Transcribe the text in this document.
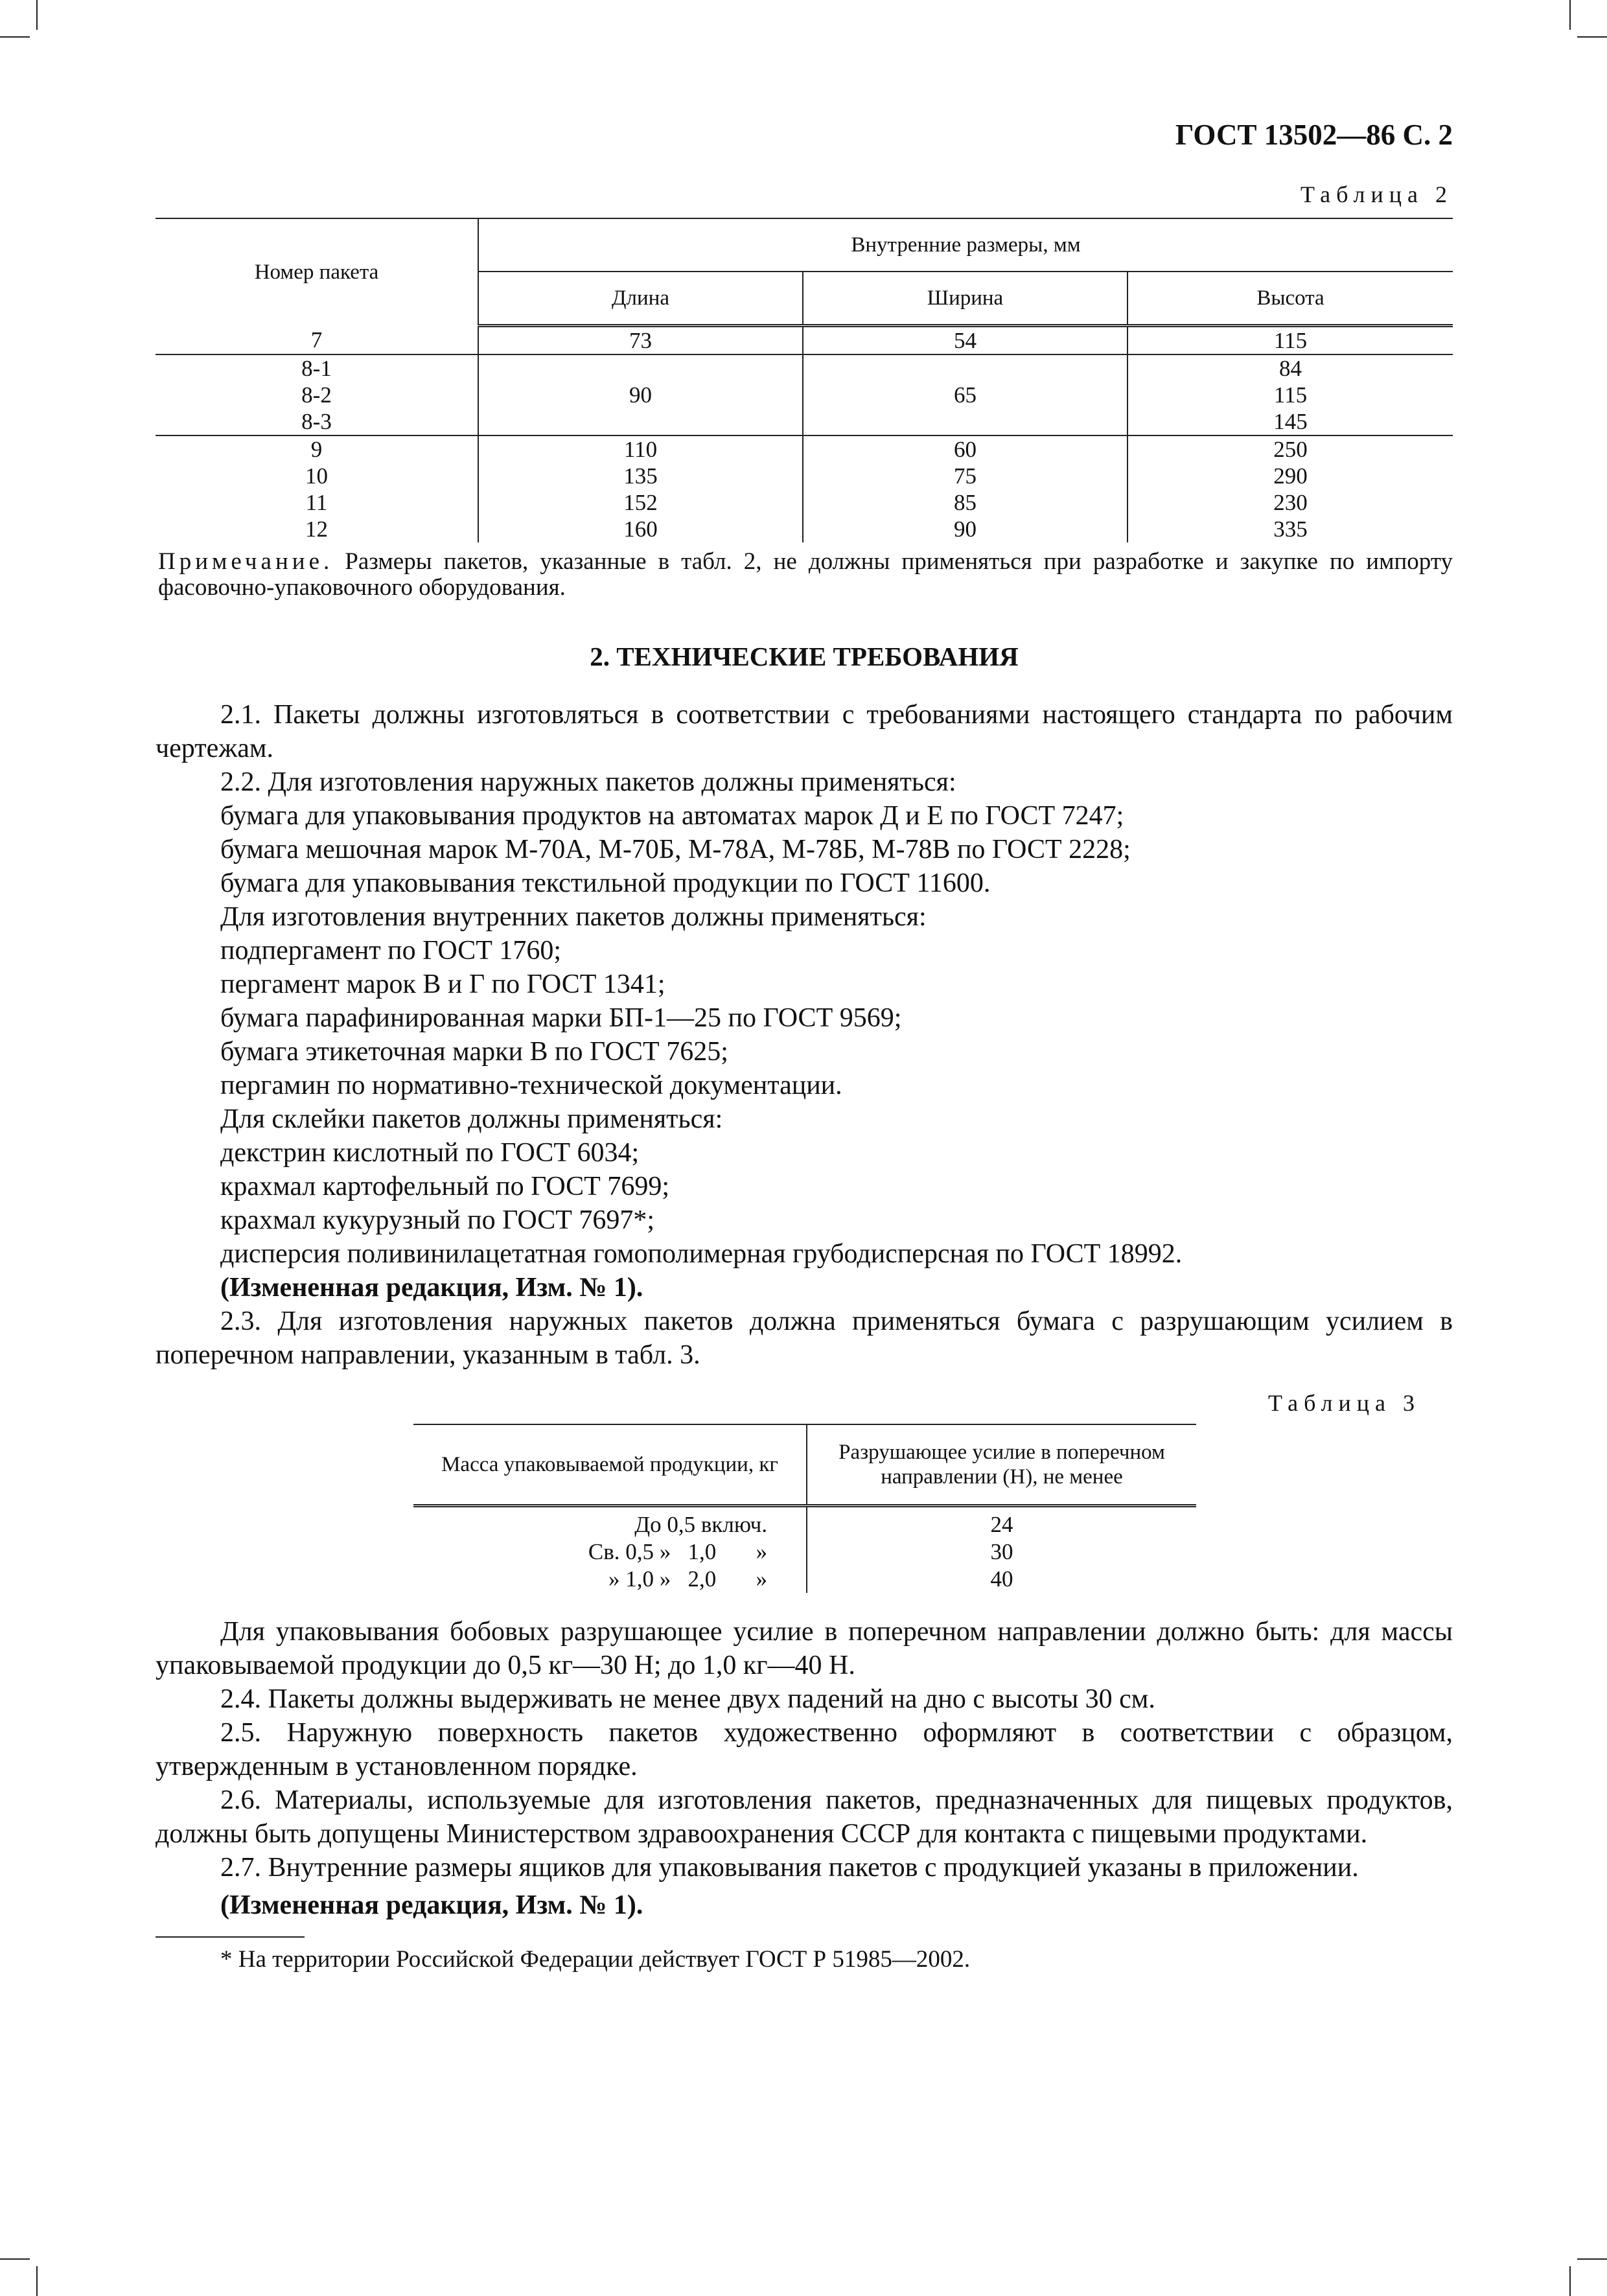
ГОСТ 13502—86 С. 2
Таблица 2
Номер пакета	Внутренние размеры, мм		
	Длина	Ширина	Высота
7	73	54	115
8-1	90	65	84
8-2			115
8-3			145
9	110	60	250
10	135	75	290
11	152	85	230
12	160	90	335

Примечание. Размеры пакетов, указанные в табл. 2, не должны применяться при разработке и закупке по импорту фасовочно-упаковочного оборудования.

2. ТЕХНИЧЕСКИЕ ТРЕБОВАНИЯ

2.1. Пакеты должны изготовляться в соответствии с требованиями настоящего стандарта по рабочим чертежам.

2.2. Для изготовления наружных пакетов должны применяться:

бумага для упаковывания продуктов на автоматах марок Д и Е по ГОСТ 7247;

бумага мешочная марок М-70А, М-70Б, М-78А, М-78Б, М-78В по ГОСТ 2228;

бумага для упаковывания текстильной продукции по ГОСТ 11600.

Для изготовления внутренних пакетов должны применяться:

подпергамент по ГОСТ 1760;

пергамент марок В и Г по ГОСТ 1341;

бумага парафинированная марки БП-1—25 по ГОСТ 9569;

бумага этикеточная марки В по ГОСТ 7625;

пергамин по нормативно-технической документации.

Для склейки пакетов должны применяться:

декстрин кислотный по ГОСТ 6034;

крахмал картофельный по ГОСТ 7699;

крахмал кукурузный по ГОСТ 7697*;

дисперсия поливинилацетатная гомополимерная грубодисперсная по ГОСТ 18992.

(Измененная редакция, Изм. № 1).

2.3. Для изготовления наружных пакетов должна применяться бумага с разрушающим усилием в поперечном направлении, указанным в табл. 3.

Таблица 3
Масса упаковываемой продукции, кг	Разрушающее усилие в поперечном направлении (Н), не менее
До 0,5 включ.	24
Св. 0,5 »   1,0       »	30
» 1,0 »   2,0       »	40

Для упаковывания бобовых разрушающее усилие в поперечном направлении должно быть: для массы упаковываемой продукции до 0,5 кг—30 Н; до 1,0 кг—40 Н.

2.4. Пакеты должны выдерживать не менее двух падений на дно с высоты 30 см.

2.5. Наружную поверхность пакетов художественно оформляют в соответствии с образцом, утвержденным в установленном порядке.

2.6. Материалы, используемые для изготовления пакетов, предназначенных для пищевых продуктов, должны быть допущены Министерством здравоохранения СССР для контакта с пищевыми продуктами.

2.7. Внутренние размеры ящиков для упаковывания пакетов с продукцией указаны в приложении.

(Измененная редакция, Изм. № 1).

* На территории Российской Федерации действует ГОСТ Р 51985—2002.
